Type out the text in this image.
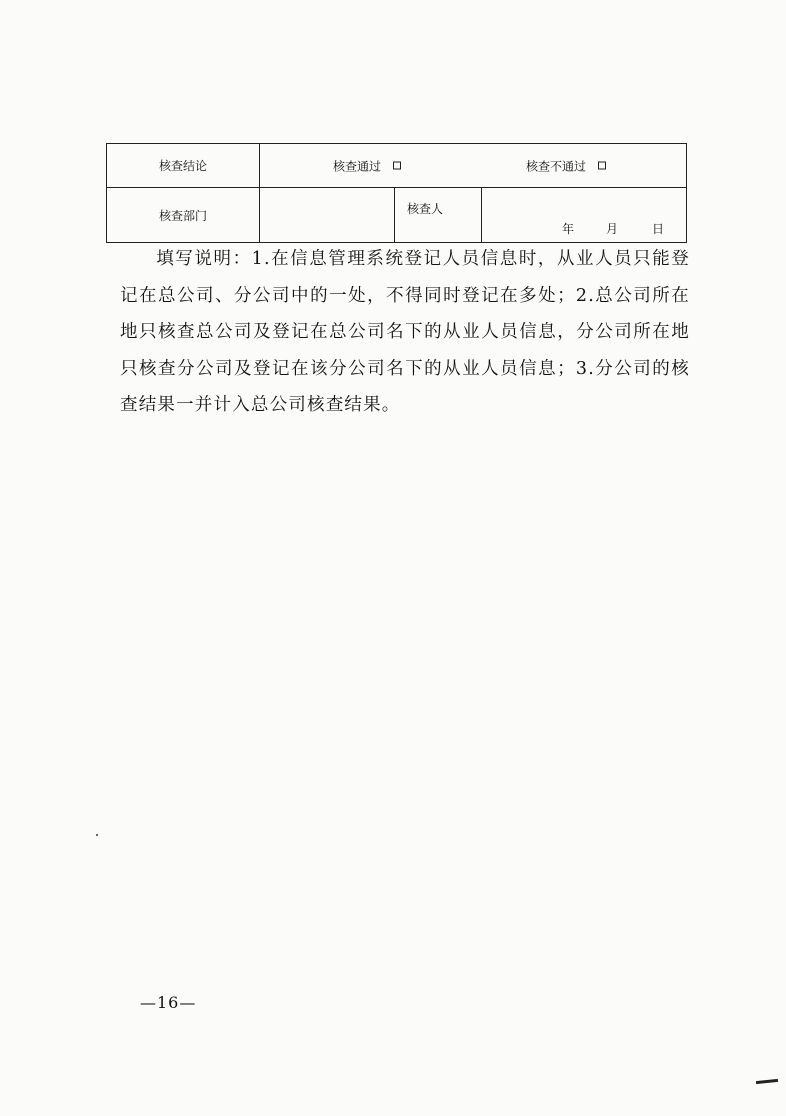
核查结论	核查通过 核查不通过		

核查部门		核查人	年 月 日

填写说明：1.在信息管理系统登记人员信息时，从业人员只能登记在总公司、分公司中的一处，不得同时登记在多处；2.总公司所在地只核查总公司及登记在总公司名下的从业人员信息，分公司所在地只核查分公司及登记在该分公司名下的从业人员信息；3.分公司的核查结果一并计入总公司核查结果。

—16—
